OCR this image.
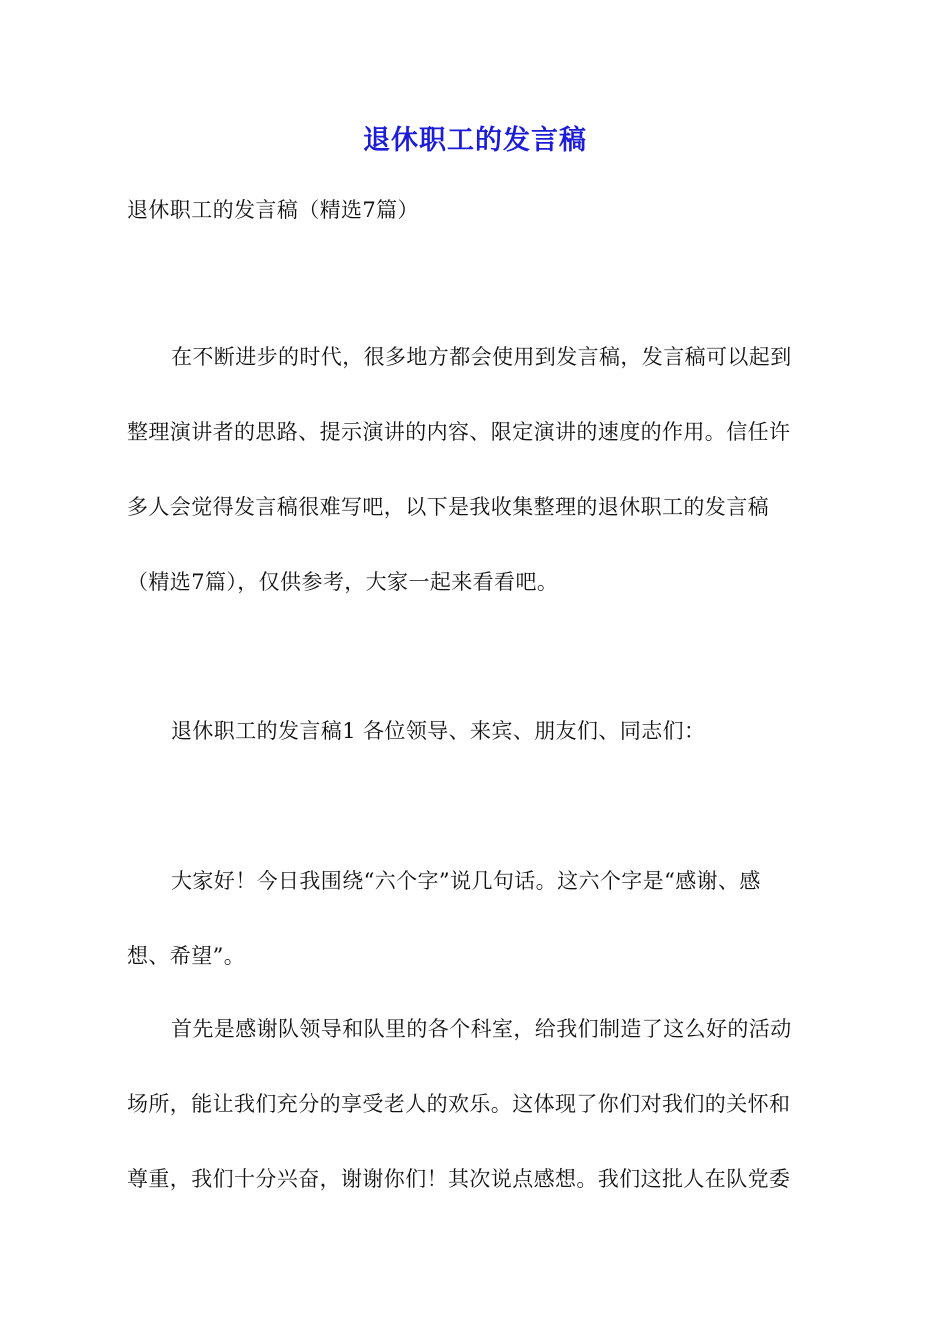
退休职工的发言稿
退休职工的发言稿（精选7篇）
在不断进步的时代，很多地方都会使用到发言稿，发言稿可以起到
整理演讲者的思路、提示演讲的内容、限定演讲的速度的作用。信任许
多人会觉得发言稿很难写吧，以下是我收集整理的退休职工的发言稿
（精选7篇），仅供参考，大家一起来看看吧。
退休职工的发言稿1 各位领导、来宾、朋友们、同志们：
大家好！今日我围绕“六个字”说几句话。这六个字是“感谢、感
想、希望”。
首先是感谢队领导和队里的各个科室，给我们制造了这么好的活动
场所，能让我们充分的享受老人的欢乐。这体现了你们对我们的关怀和
尊重，我们十分兴奋，谢谢你们！其次说点感想。我们这批人在队党委
